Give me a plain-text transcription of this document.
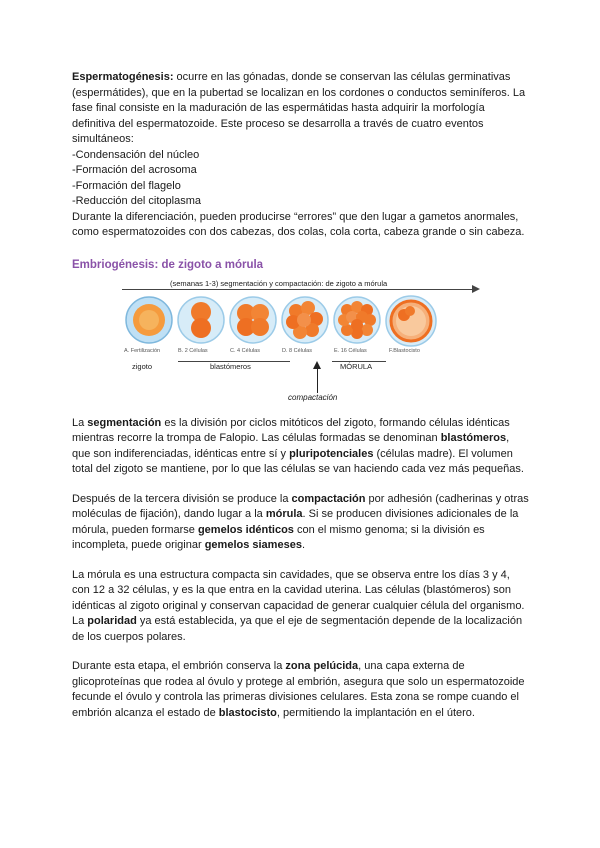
Espermatogénesis: ocurre en las gónadas, donde se conservan las células germinativas (espermátides), que en la pubertad se localizan en los cordones o conductos seminíferos. La fase final consiste en la maduración de las espermátidas hasta adquirir la morfología definitiva del espermatozoide. Este proceso se desarrolla a través de cuatro eventos simultáneos:

-Condensación del núcleo

-Formación del acrosoma

-Formación del flagelo

-Reducción del citoplasma

Durante la diferenciación, pueden producirse “errores” que den lugar a gametos anormales, como espermatozoides con dos cabezas, dos colas, cola corta, cabeza grande o sin cabeza.

Embriogénesis: de zigoto a mórula
(semanas 1-3) segmentación y compactación: de zigoto a mórula
A. Fertilización	B. 2 Células	C. 4 Células	D. 8 Células	E. 16 Células	F.Blastocisto
zigoto	blastómeros	MÓRULA
compactación

La segmentación es la división por ciclos mitóticos del zigoto, formando células idénticas mientras recorre la trompa de Falopio. Las células formadas se denominan blastómeros, que son indiferenciadas, idénticas entre sí y pluripotenciales (células madre). El volumen total del zigoto se mantiene, por lo que las células se van haciendo cada vez más pequeñas.

Después de la tercera división se produce la compactación por adhesión (cadherinas y otras moléculas de fijación), dando lugar a la mórula. Si se producen divisiones adicionales de la mórula, pueden formarse gemelos idénticos con el mismo genoma; si la división es incompleta, puede originar gemelos siameses.

La mórula es una estructura compacta sin cavidades, que se observa entre los días 3 y 4, con 12 a 32 células, y es la que entra en la cavidad uterina. Las células (blastómeros) son idénticas al zigoto original y conservan capacidad de generar cualquier célula del organismo. La polaridad ya está establecida, ya que el eje de segmentación depende de la localización de los cuerpos polares.

Durante esta etapa, el embrión conserva la zona pelúcida, una capa externa de glicoproteínas que rodea al óvulo y protege al embrión, asegura que solo un espermatozoide fecunde el óvulo y controla las primeras divisiones celulares. Esta zona se rompe cuando el embrión alcanza el estado de blastocisto, permitiendo la implantación en el útero.
